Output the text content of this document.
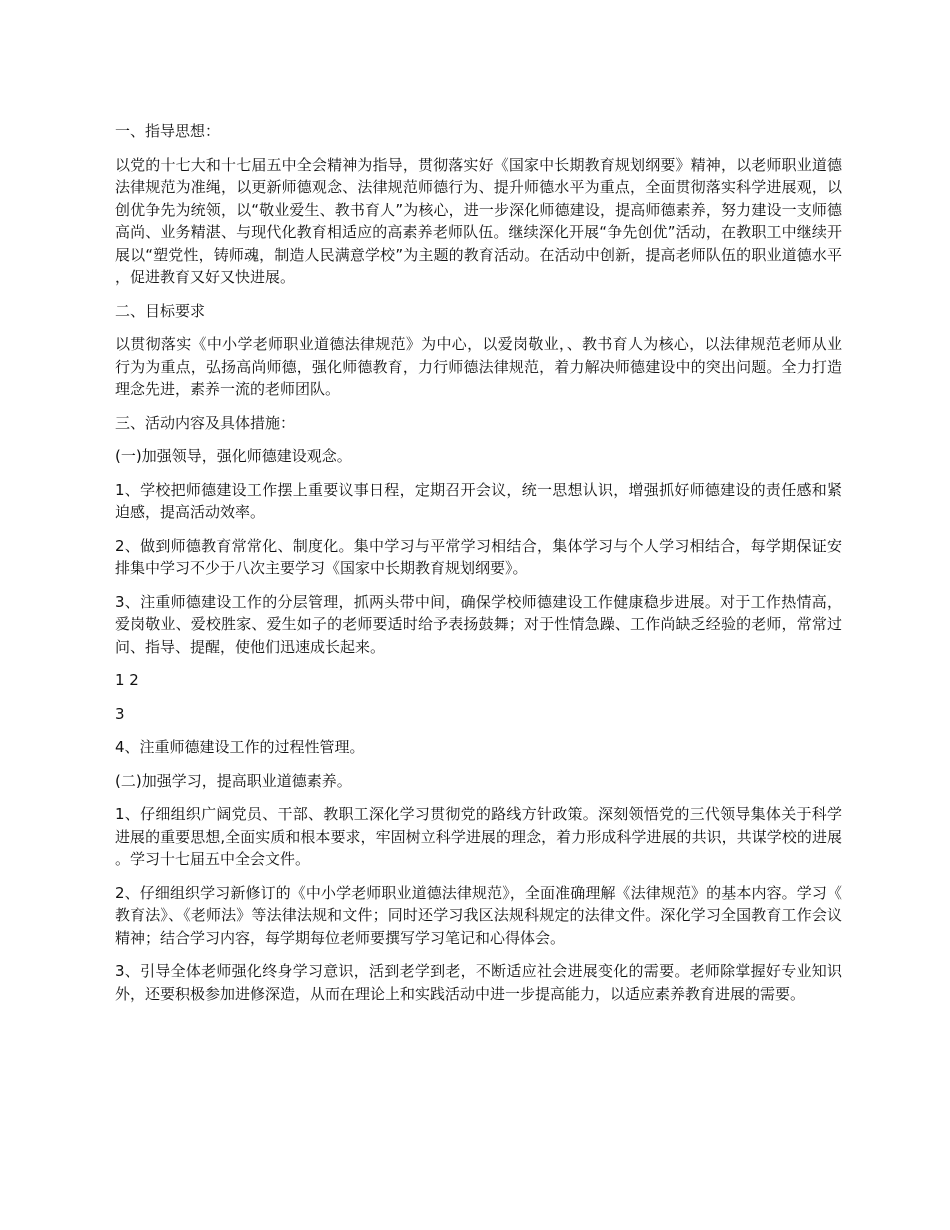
一、指导思想：

以党的十七大和十七届五中全会精神为指导，贯彻落实好《国家中长期教育规划纲要》精神，以老师职业道德法律规范为准绳，以更新师德观念、法律规范师德行为、提升师德水平为重点，全面贯彻落实科学进展观，以创优争先为统领，以“敬业爱生、教书育人”为核心，进一步深化师德建设，提高师德素养，努力建设一支师德高尚、业务精湛、与现代化教育相适应的高素养老师队伍。继续深化开展“争先创优”活动，在教职工中继续开展以“塑党性，铸师魂，制造人民满意学校”为主题的教育活动。在活动中创新，提高老师队伍的职业道德水平，促进教育又好又快进展。

二、目标要求

以贯彻落实《中小学老师职业道德法律规范》为中心，以爱岗敬业，、教书育人为核心，以法律规范老师从业行为为重点，弘扬高尚师德，强化师德教育，力行师德法律规范，着力解决师德建设中的突出问题。全力打造理念先进，素养一流的老师团队。

三、活动内容及具体措施：

(一)加强领导，强化师德建设观念。

1、学校把师德建设工作摆上重要议事日程，定期召开会议，统一思想认识，增强抓好师德建设的责任感和紧迫感，提高活动效率。

2、做到师德教育常常化、制度化。集中学习与平常学习相结合，集体学习与个人学习相结合，每学期保证安排集中学习不少于八次主要学习《国家中长期教育规划纲要》。

3、注重师德建设工作的分层管理，抓两头带中间，确保学校师德建设工作健康稳步进展。对于工作热情高，爱岗敬业、爱校胜家、爱生如子的老师要适时给予表扬鼓舞；对于性情急躁、工作尚缺乏经验的老师，常常过问、指导、提醒，使他们迅速成长起来。

1 2

3

4、注重师德建设工作的过程性管理。

(二)加强学习，提高职业道德素养。

1、仔细组织广阔党员、干部、教职工深化学习贯彻党的路线方针政策。深刻领悟党的三代领导集体关于科学进展的重要思想,全面实质和根本要求，牢固树立科学进展的理念，着力形成科学进展的共识，共谋学校的进展。学习十七届五中全会文件。

2、仔细组织学习新修订的《中小学老师职业道德法律规范》，全面准确理解《法律规范》的基本内容。学习《教育法》、《老师法》等法律法规和文件；同时还学习我区法规科规定的法律文件。深化学习全国教育工作会议精神；结合学习内容，每学期每位老师要撰写学习笔记和心得体会。

3、引导全体老师强化终身学习意识，活到老学到老，不断适应社会进展变化的需要。老师除掌握好专业知识外，还要积极参加进修深造，从而在理论上和实践活动中进一步提高能力，以适应素养教育进展的需要。
